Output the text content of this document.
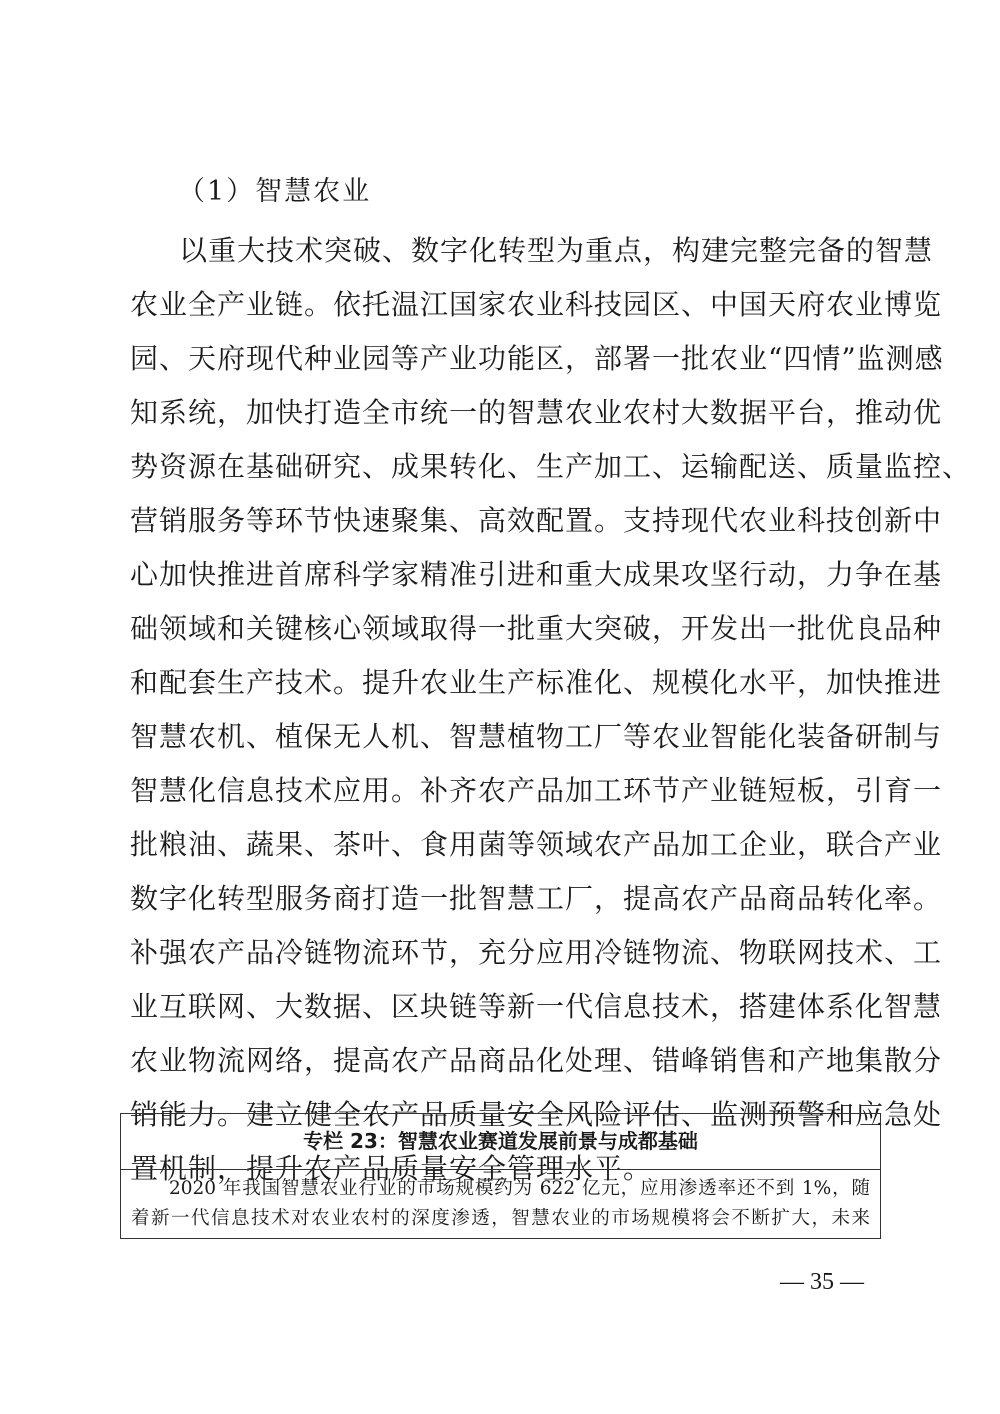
（1）智慧农业
以重大技术突破、数字化转型为重点，构建完整完备的智慧
农业全产业链。依托温江国家农业科技园区、中国天府农业博览
园、天府现代种业园等产业功能区，部署一批农业“四情”监测感
知系统，加快打造全市统一的智慧农业农村大数据平台，推动优
势资源在基础研究、成果转化、生产加工、运输配送、质量监控、
营销服务等环节快速聚集、高效配置。支持现代农业科技创新中
心加快推进首席科学家精准引进和重大成果攻坚行动，力争在基
础领域和关键核心领域取得一批重大突破，开发出一批优良品种
和配套生产技术。提升农业生产标准化、规模化水平，加快推进
智慧农机、植保无人机、智慧植物工厂等农业智能化装备研制与
智慧化信息技术应用。补齐农产品加工环节产业链短板，引育一
批粮油、蔬果、茶叶、食用菌等领域农产品加工企业，联合产业
数字化转型服务商打造一批智慧工厂，提高农产品商品转化率。
补强农产品冷链物流环节，充分应用冷链物流、物联网技术、工
业互联网、大数据、区块链等新一代信息技术，搭建体系化智慧
农业物流网络，提高农产品商品化处理、错峰销售和产地集散分
销能力。建立健全农产品质量安全风险评估、监测预警和应急处
置机制，提升农产品质量安全管理水平。
专栏 23：智慧农业赛道发展前景与成都基础
2020 年我国智慧农业行业的市场规模约为 622 亿元，应用渗透率还不到 1%，随
着新一代信息技术对农业农村的深度渗透，智慧农业的市场规模将会不断扩大，未来
— 35 —
